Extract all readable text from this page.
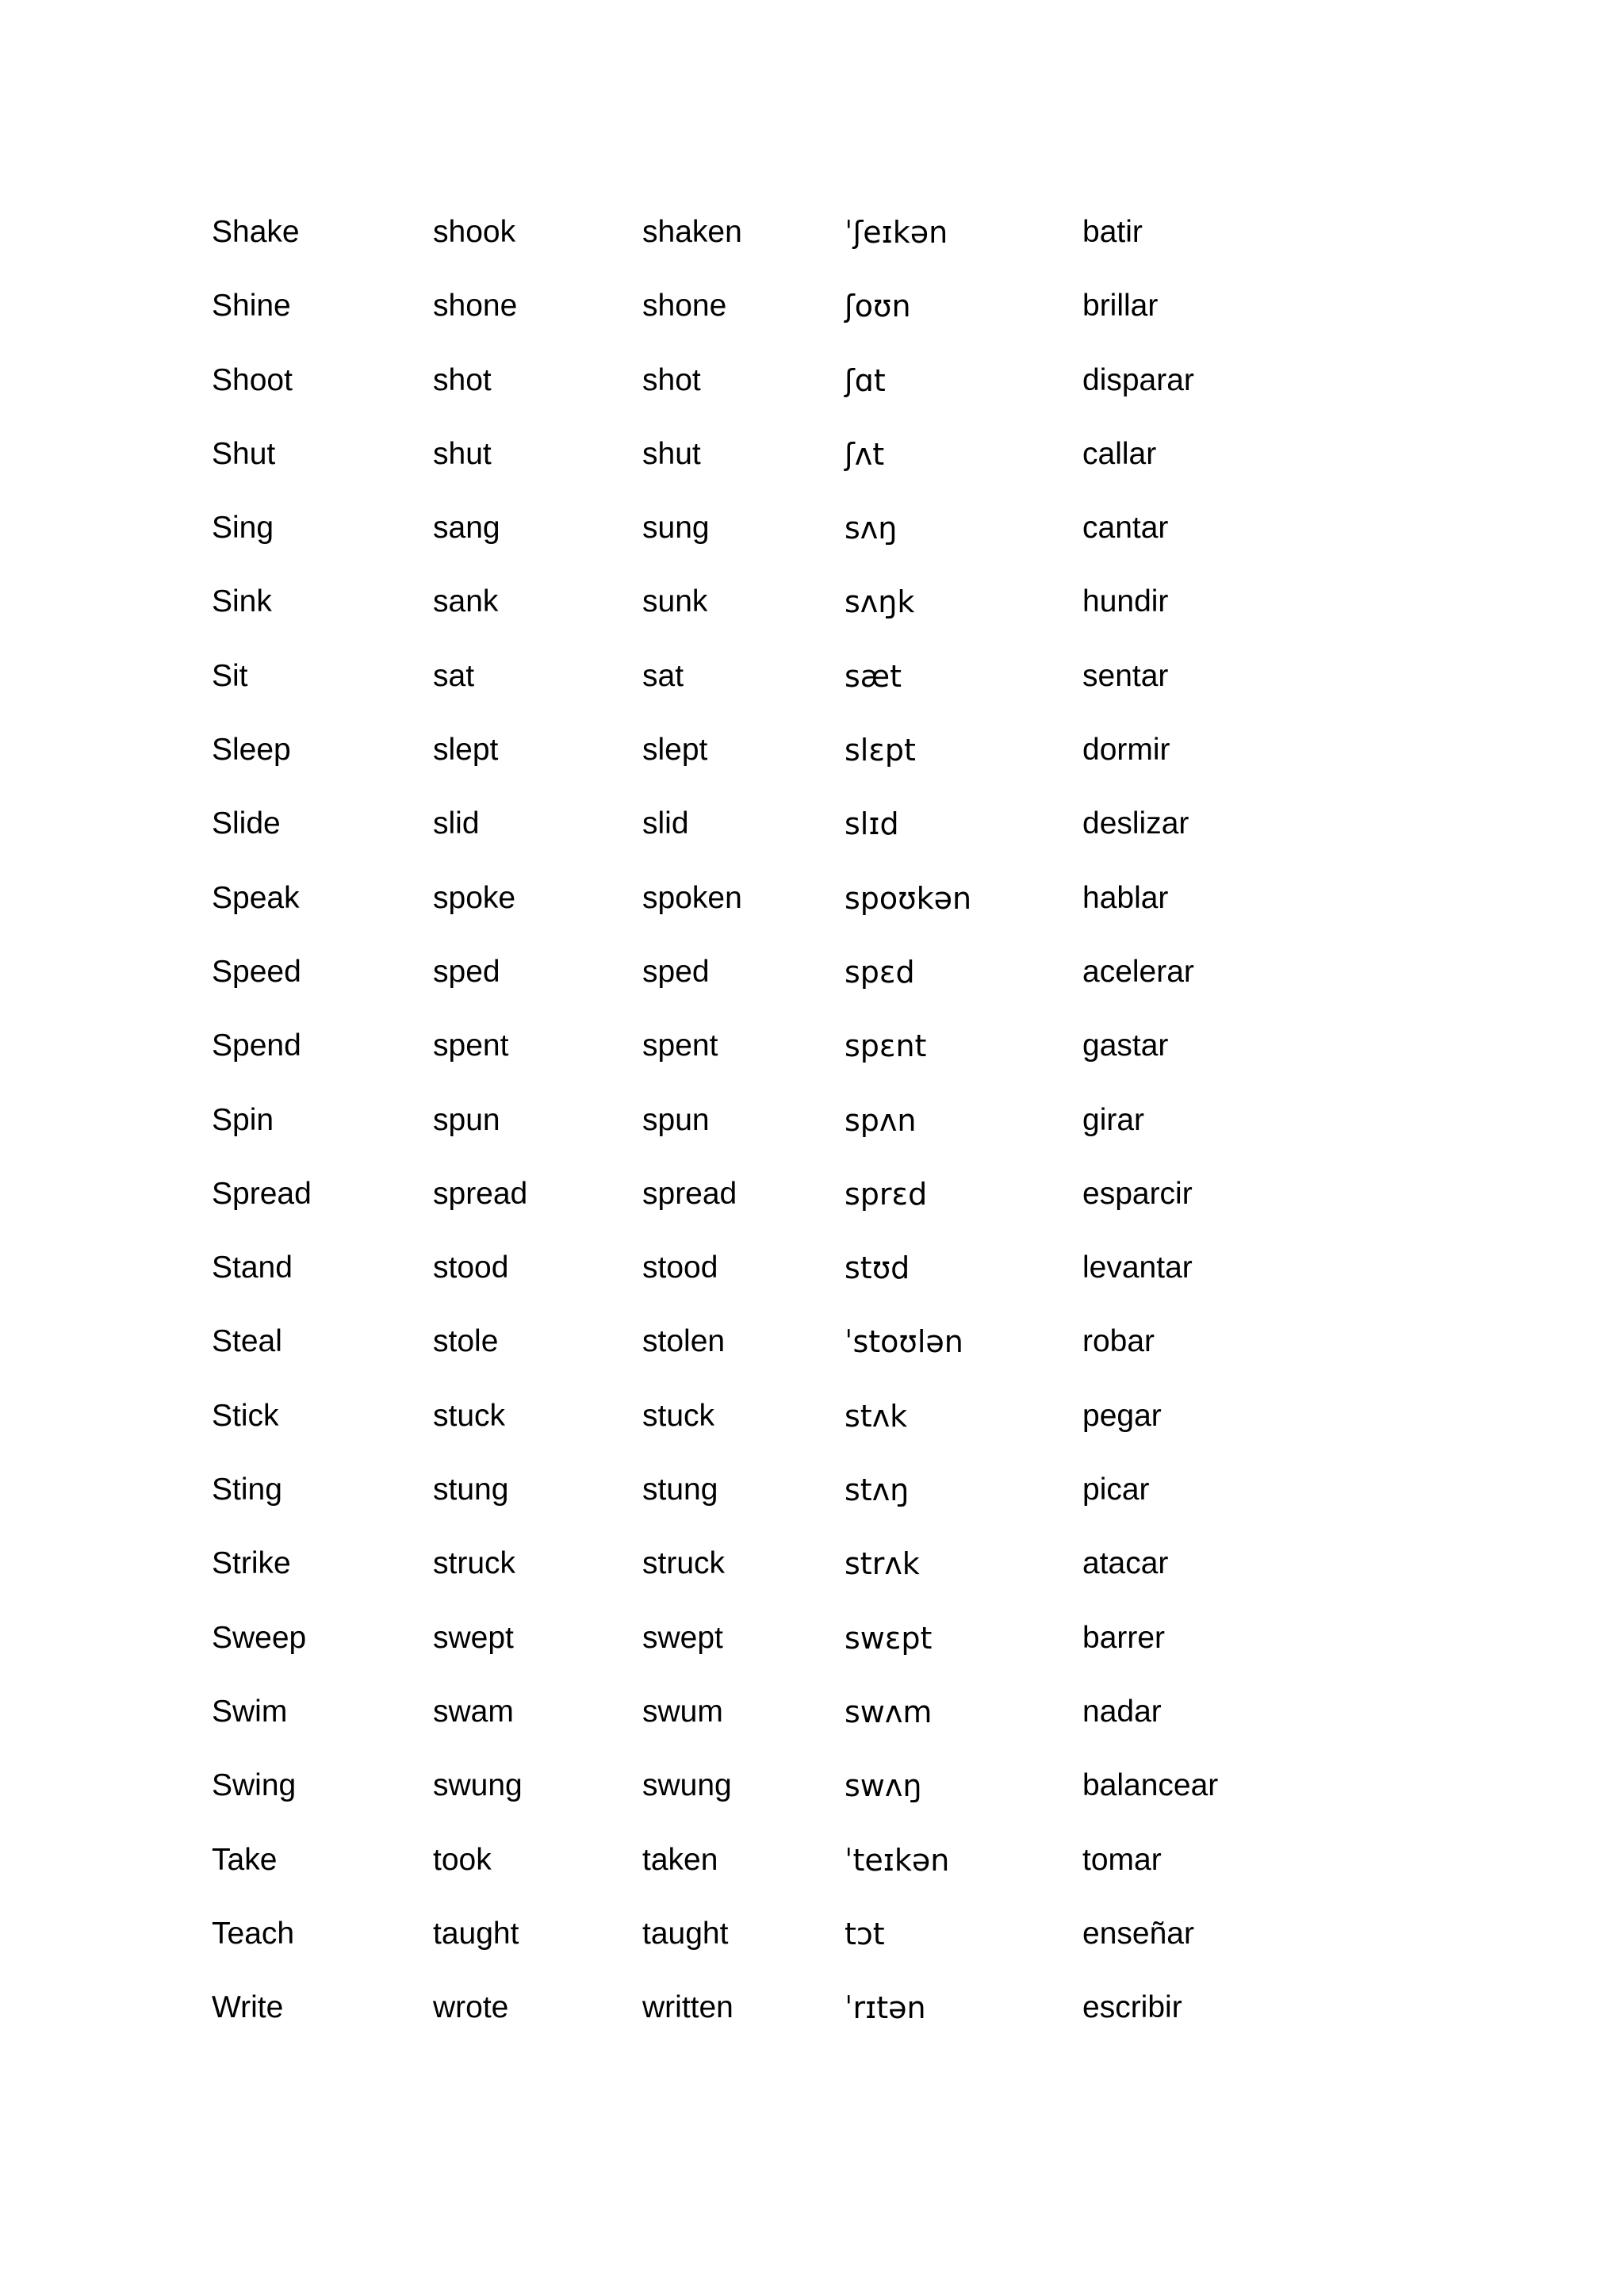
Shake	shook	shaken	ˈʃeɪkən	batir
Shine	shone	shone	ʃoʊn	brillar
Shoot	shot	shot	ʃɑt	disparar
Shut	shut	shut	ʃʌt	callar
Sing	sang	sung	sʌŋ	cantar
Sink	sank	sunk	sʌŋk	hundir
Sit	sat	sat	sæt	sentar
Sleep	slept	slept	slɛpt	dormir
Slide	slid	slid	slɪd	deslizar
Speak	spoke	spoken	spoʊkən	hablar
Speed	sped	sped	spɛd	acelerar
Spend	spent	spent	spɛnt	gastar
Spin	spun	spun	spʌn	girar
Spread	spread	spread	sprɛd	esparcir
Stand	stood	stood	stʊd	levantar
Steal	stole	stolen	ˈstoʊlən	robar
Stick	stuck	stuck	stʌk	pegar
Sting	stung	stung	stʌŋ	picar
Strike	struck	struck	strʌk	atacar
Sweep	swept	swept	swɛpt	barrer
Swim	swam	swum	swʌm	nadar
Swing	swung	swung	swʌŋ	balancear
Take	took	taken	ˈteɪkən	tomar
Teach	taught	taught	tɔt	enseñar
Write	wrote	written	ˈrɪtən	escribir
